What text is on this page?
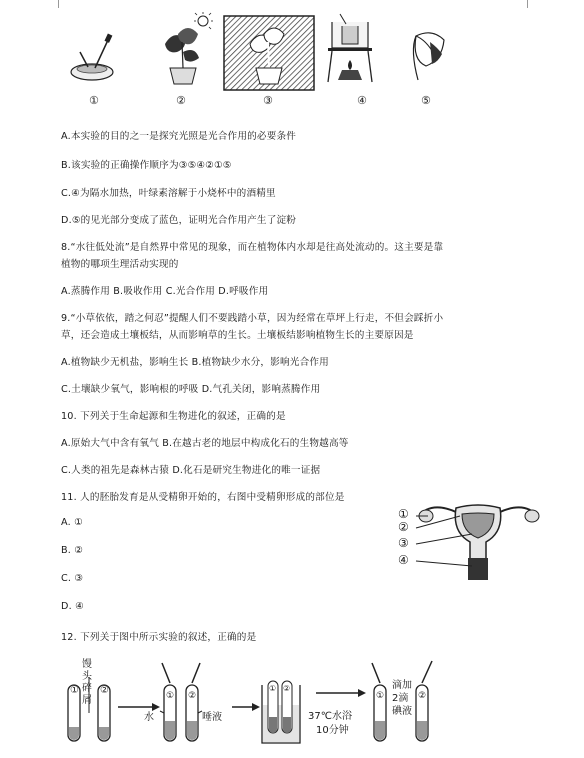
①	②	③	④	⑤
A.本实验的目的之一是探究光照是光合作用的必要条件
B.该实验的正确操作顺序为③⑤④②①⑤
C.④为隔水加热，叶绿素溶解于小烧杯中的酒精里
D.⑤的见光部分变成了蓝色，证明光合作用产生了淀粉
8.“水往低处流”是自然界中常见的现象，而在植物体内水却是往高处流动的。这主要是靠
植物的哪项生理活动实现的
A.蒸腾作用 B.吸收作用 C.光合作用 D.呼吸作用
9.“小草依依，踏之何忍”提醒人们不要践踏小草，因为经常在草坪上行走，不但会踩折小
草，还会造成土壤板结，从而影响草的生长。土壤板结影响植物生长的主要原因是
A.植物缺少无机盐，影响生长 B.植物缺少水分，影响光合作用
C.土壤缺少氧气，影响根的呼吸 D.气孔关闭，影响蒸腾作用
10. 下列关于生命起源和生物进化的叙述，正确的是
A.原始大气中含有氧气 B.在越古老的地层中构成化石的生物越高等
C.人类的祖先是森林古猿 D.化石是研究生物进化的唯一证据
11. 人的胚胎发育是从受精卵开始的，右图中受精卵形成的部位是
A. ①
B. ②
C. ③
D. ④
①
②
③
④
12. 下列关于图中所示实验的叙述，正确的是
馒头碎屑
① ②
水
① ②
唾液
① ②
37℃水浴
10分钟
①	②
滴加
2滴
碘液
